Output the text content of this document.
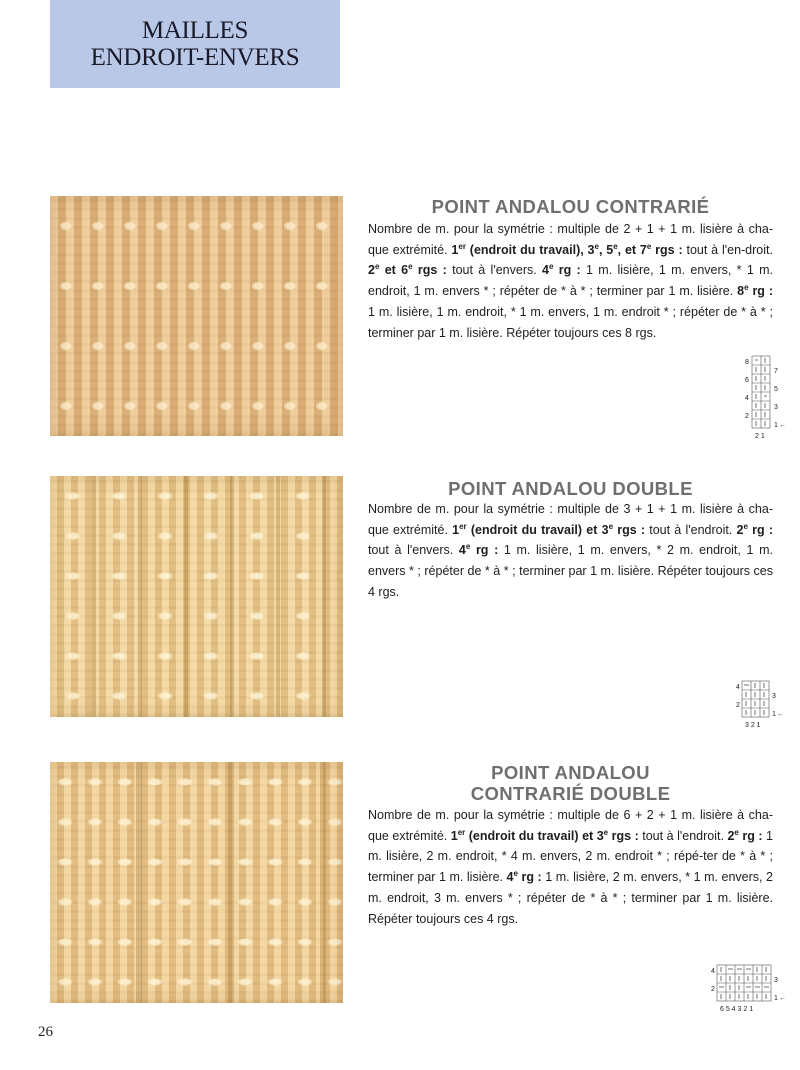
MAILLES
ENDROIT-ENVERS
POINT ANDALOU CONTRARIÉ

Nombre de m. pour la symétrie : multiple de 2 + 1 + 1 m. lisière à cha-que extrémité. 1er (endroit du travail), 3e, 5e, et 7e rgs : tout à l'en-droit. 2e et 6e rgs : tout à l'envers. 4e rg : 1 m. lisière, 1 m. envers, * 1 m. endroit, 1 m. envers * ; répéter de * à * ; terminer par 1 m. lisière. 8e rg : 1 m. lisière, 1 m. endroit, * 1 m. envers, 1 m. endroit * ; répéter de * à * ; terminer par 1 m. lisière. Répéter toujours ces 8 rgs.

8
6
4
2
7
5
3
1 ←
2 1
POINT ANDALOU DOUBLE

Nombre de m. pour la symétrie : multiple de 3 + 1 + 1 m. lisière à cha-que extrémité. 1er (endroit du travail) et 3e rgs : tout à l'endroit. 2e rg : tout à l'envers. 4e rg : 1 m. lisière, 1 m. envers, * 2 m. endroit, 1 m. envers * ; répéter de * à * ; terminer par 1 m. lisière. Répéter toujours ces 4 rgs.

4
2
3
1 ←
3 2 1
POINT ANDALOU
CONTRARIÉ DOUBLE

Nombre de m. pour la symétrie : multiple de 6 + 2 + 1 m. lisière à cha-que extrémité. 1er (endroit du travail) et 3e rgs : tout à l'endroit. 2e rg : 1 m. lisière, 2 m. endroit, * 4 m. envers, 2 m. endroit * ; répé-ter de * à * ; terminer par 1 m. lisière. 4e rg : 1 m. lisière, 2 m. envers, * 1 m. envers, 2 m. endroit, 3 m. envers * ; répéter de * à * ; terminer par 1 m. lisière. Répéter toujours ces 4 rgs.

4
2
3
1 ←
6 5 4 3 2 1
26
